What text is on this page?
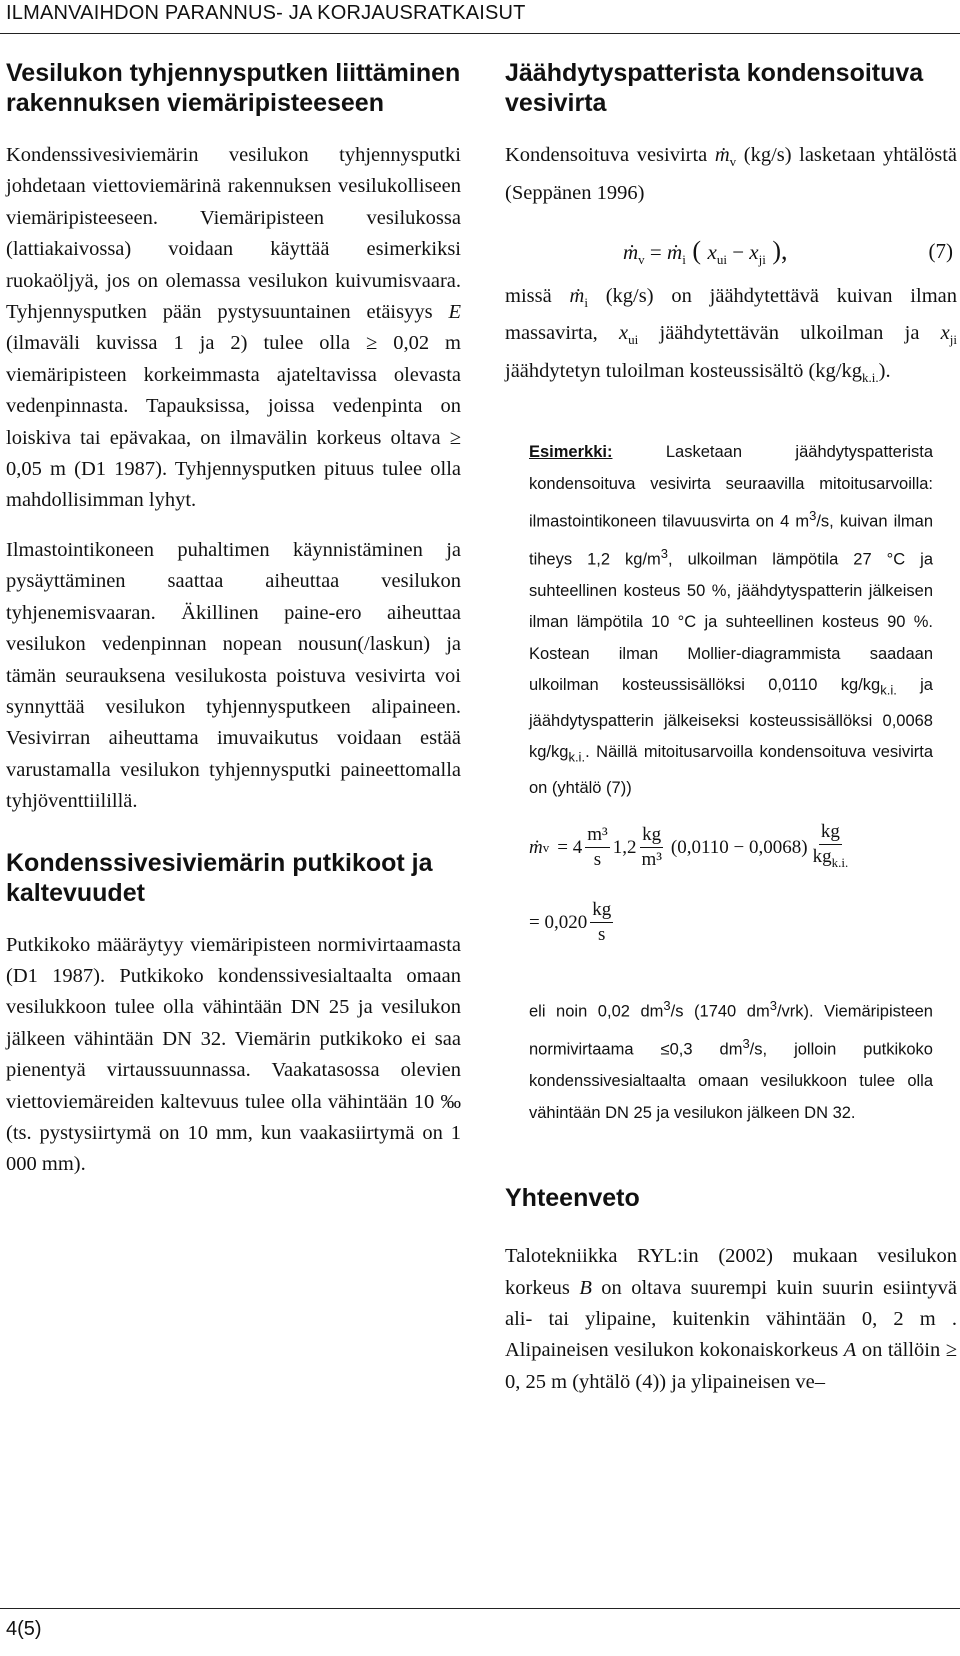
ILMANVAIHDON PARANNUS- JA KORJAUSRATKAISUT
Vesilukon tyhjennysputken liittäminen rakennuksen viemäripisteeseen

Kondenssivesiviemärin vesilukon tyhjennysputki johdetaan viettoviemärinä rakennuksen vesilukolliseen viemäripisteeseen. Viemäripisteen vesilukossa (lattiakaivossa) voidaan käyttää esimerkiksi ruokaöljyä, jos on olemassa vesilukon kuivumisvaara. Tyhjennysputken pään pystysuuntainen etäisyys E (ilmaväli kuvissa 1 ja 2) tulee olla ≥ 0,02 m viemäripisteen korkeimmasta ajateltavissa olevasta vedenpinnasta. Tapauksissa, joissa vedenpinta on loiskiva tai epävakaa, on ilmavälin korkeus oltava ≥ 0,05 m (D1 1987). Tyhjennysputken pituus tulee olla mahdollisimman lyhyt.

Ilmastointikoneen puhaltimen käynnistäminen ja pysäyttäminen saattaa aiheuttaa vesilukon tyhjenemisvaaran. Äkillinen paine-ero aiheuttaa vesilukon vedenpinnan nopean nousun(/laskun) ja tämän seurauksena vesilukosta poistuva vesivirta voi synnyttää vesilukon tyhjennysputkeen alipaineen. Vesivirran aiheuttama imuvaikutus voidaan estää varustamalla vesilukon tyhjennysputki paineettomalla tyhjöventtiilillä.

Kondenssivesiviemärin putkikoot ja kaltevuudet

Putkikoko määräytyy viemäripisteen normivirtaamasta (D1 1987). Putkikoko kondenssivesialtaalta omaan vesilukkoon tulee olla vähintään DN 25 ja vesilukon jälkeen vähintään DN 32. Viemärin putkikoko ei saa pienentyä virtaussuunnassa. Vaakatasossa olevien viettoviemäreiden kaltevuus tulee olla vähintään 10 ‰ (ts. pystysiirtymä on 10 mm, kun vaakasiirtymä on 1 000 mm).

Jäähdytyspatterista kondensoituva vesivirta

Kondensoituva vesivirta ṁ$_v$ (kg/s) lasketaan yhtälöstä (Seppänen 1996)

ṁ$_v$ = ṁ$_i$ ( $x_{ui} - x_{ji}$ ),	(7)

missä ṁ$_i$ (kg/s) on jäähdytettävä kuivan ilman massavirta, $x_{ui}$ jäähdytettävän ulkoilman ja $x_{ji}$ jäähdytetyn tuloilman kosteussisältö $(kg/kg_{k.i.})$.

Esimerkki: Lasketaan jäähdytyspatterista kondensoituva vesivirta seuraavilla mitoitusarvoilla: ilmastointikoneen tilavuusvirta on 4 $m^3/s$, kuivan ilman tiheys 1,2 $kg/m^3$, ulkoilman lämpötila 27 °C ja suhteellinen kosteus 50 %, jäähdytyspatterin jälkeisen ilman lämpötila 10 °C ja suhteellinen kosteus 90 %. Kostean ilman Mollier-diagrammista saadaan ulkoilman kosteussisällöksi 0,0110 $kg/kg_{k.i.}$ ja jäähdytyspatterin jälkeiseksi kosteussisällöksi 0,0068 $kg/kg_{k.i.}$. Näillä mitoitusarvoilla kondensoituva vesivirta on (yhtälö (7))

ṁ $v = 4 \frac{\text{m³}}{s} 1,2 \frac{kg}{\text{m³}} (0,0110 - 0,0068) \frac{kg}{kg_{k.i.}}$
= $0,020 \frac{kg}{s}$

eli noin 0,02 $dm^3/s$ (1740 $dm^3/vrk$). Viemäripisteen normivirtaama ≤0,3 $dm^3/s$, jolloin putkikoko kondenssivesialtaalta omaan vesilukkoon tulee olla vähintään DN 25 ja vesilukon jälkeen DN 32.

Yhteenveto

Talotekniikka RYL:in (2002) mukaan vesilukon korkeus B on oltava suurempi kuin suurin esiintyvä ali- tai ylipaine, kuitenkin vähintään 0, 2 m . Alipaineisen vesilukon kokonaiskorkeus A on tällöin ≥ 0, 25 m (yhtälö (4)) ja ylipaineisen ve–

4(5)
